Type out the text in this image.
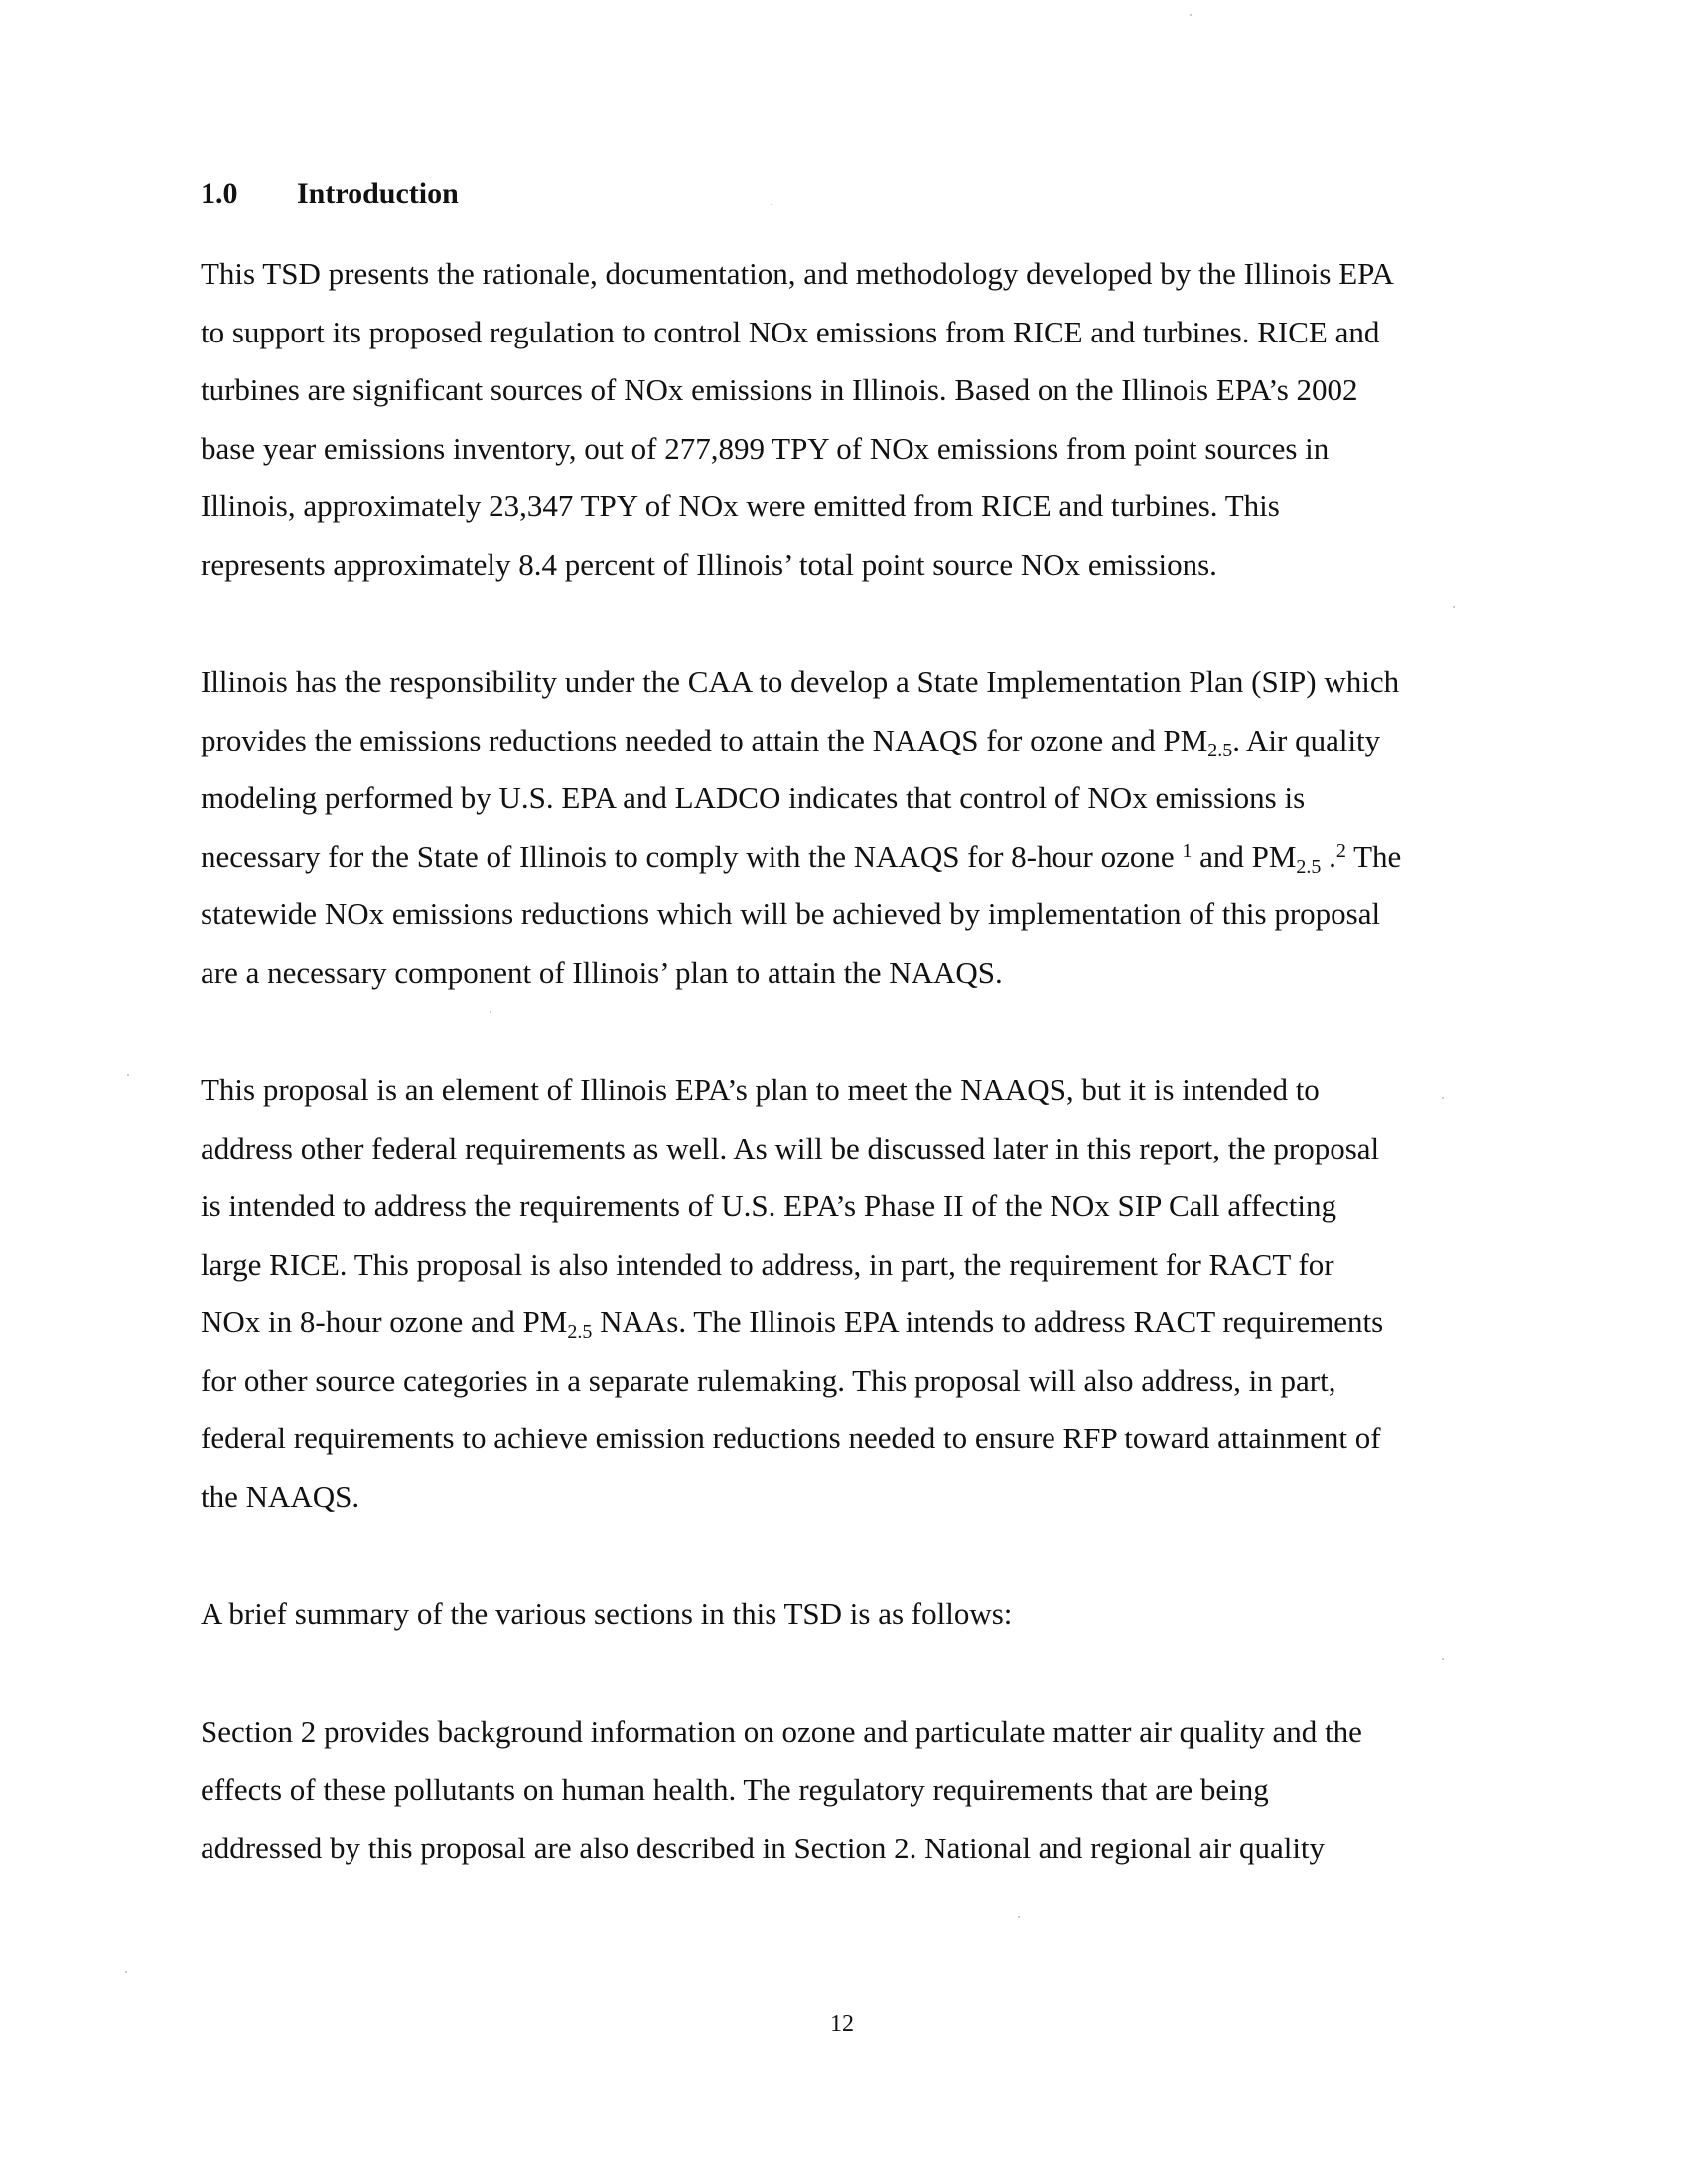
1.0	Introduction
This TSD presents the rationale, documentation, and methodology developed by the Illinois EPA
to support its proposed regulation to control NOx emissions from RICE and turbines. RICE and
turbines are significant sources of NOx emissions in Illinois. Based on the Illinois EPA’s 2002
base year emissions inventory, out of 277,899 TPY of NOx emissions from point sources in
Illinois, approximately 23,347 TPY of NOx were emitted from RICE and turbines. This
represents approximately 8.4 percent of Illinois’ total point source NOx emissions.
Illinois has the responsibility under the CAA to develop a State Implementation Plan (SIP) which
provides the emissions reductions needed to attain the NAAQS for ozone and $PM_{2.5}$. Air quality
modeling performed by U.S. EPA and LADCO indicates that control of NOx emissions is
necessary for the State of Illinois to comply with the NAAQS for 8-hour ozone $^1$ and $PM_{2.5}$ .$^2$ The
statewide NOx emissions reductions which will be achieved by implementation of this proposal
are a necessary component of Illinois’ plan to attain the NAAQS.
This proposal is an element of Illinois EPA’s plan to meet the NAAQS, but it is intended to
address other federal requirements as well. As will be discussed later in this report, the proposal
is intended to address the requirements of U.S. EPA’s Phase II of the NOx SIP Call affecting
large RICE. This proposal is also intended to address, in part, the requirement for RACT for
NOx in 8-hour ozone and $PM_{2.5}$ NAAs. The Illinois EPA intends to address RACT requirements
for other source categories in a separate rulemaking. This proposal will also address, in part,
federal requirements to achieve emission reductions needed to ensure RFP toward attainment of
the NAAQS.
A brief summary of the various sections in this TSD is as follows:
Section 2 provides background information on ozone and particulate matter air quality and the
effects of these pollutants on human health. The regulatory requirements that are being
addressed by this proposal are also described in Section 2. National and regional air quality
12
